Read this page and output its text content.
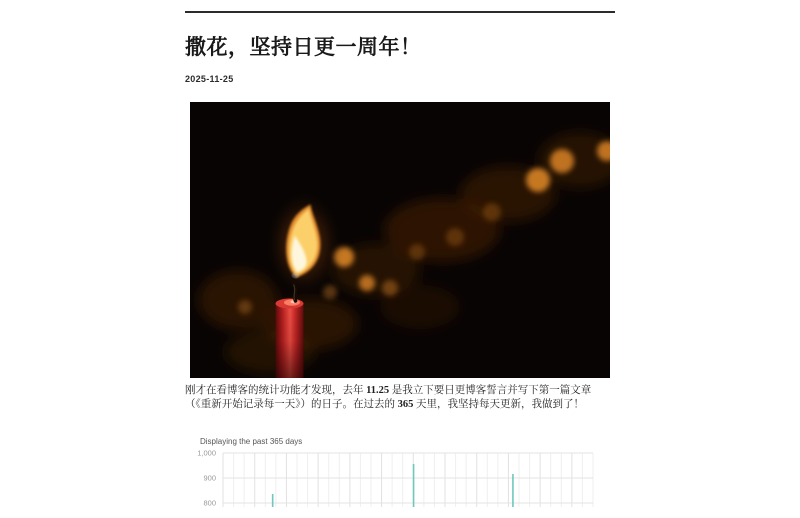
撒花，坚持日更一周年！
2025-11-25

刚才在看博客的统计功能才发现，去年 11.25 是我立下要日更博客誓言并写下第一篇文章（《重新开始记录每一天》）的日子。在过去的 365 天里，我坚持每天更新，我做到了！

1,000
900
800
Displaying the past 365 days
